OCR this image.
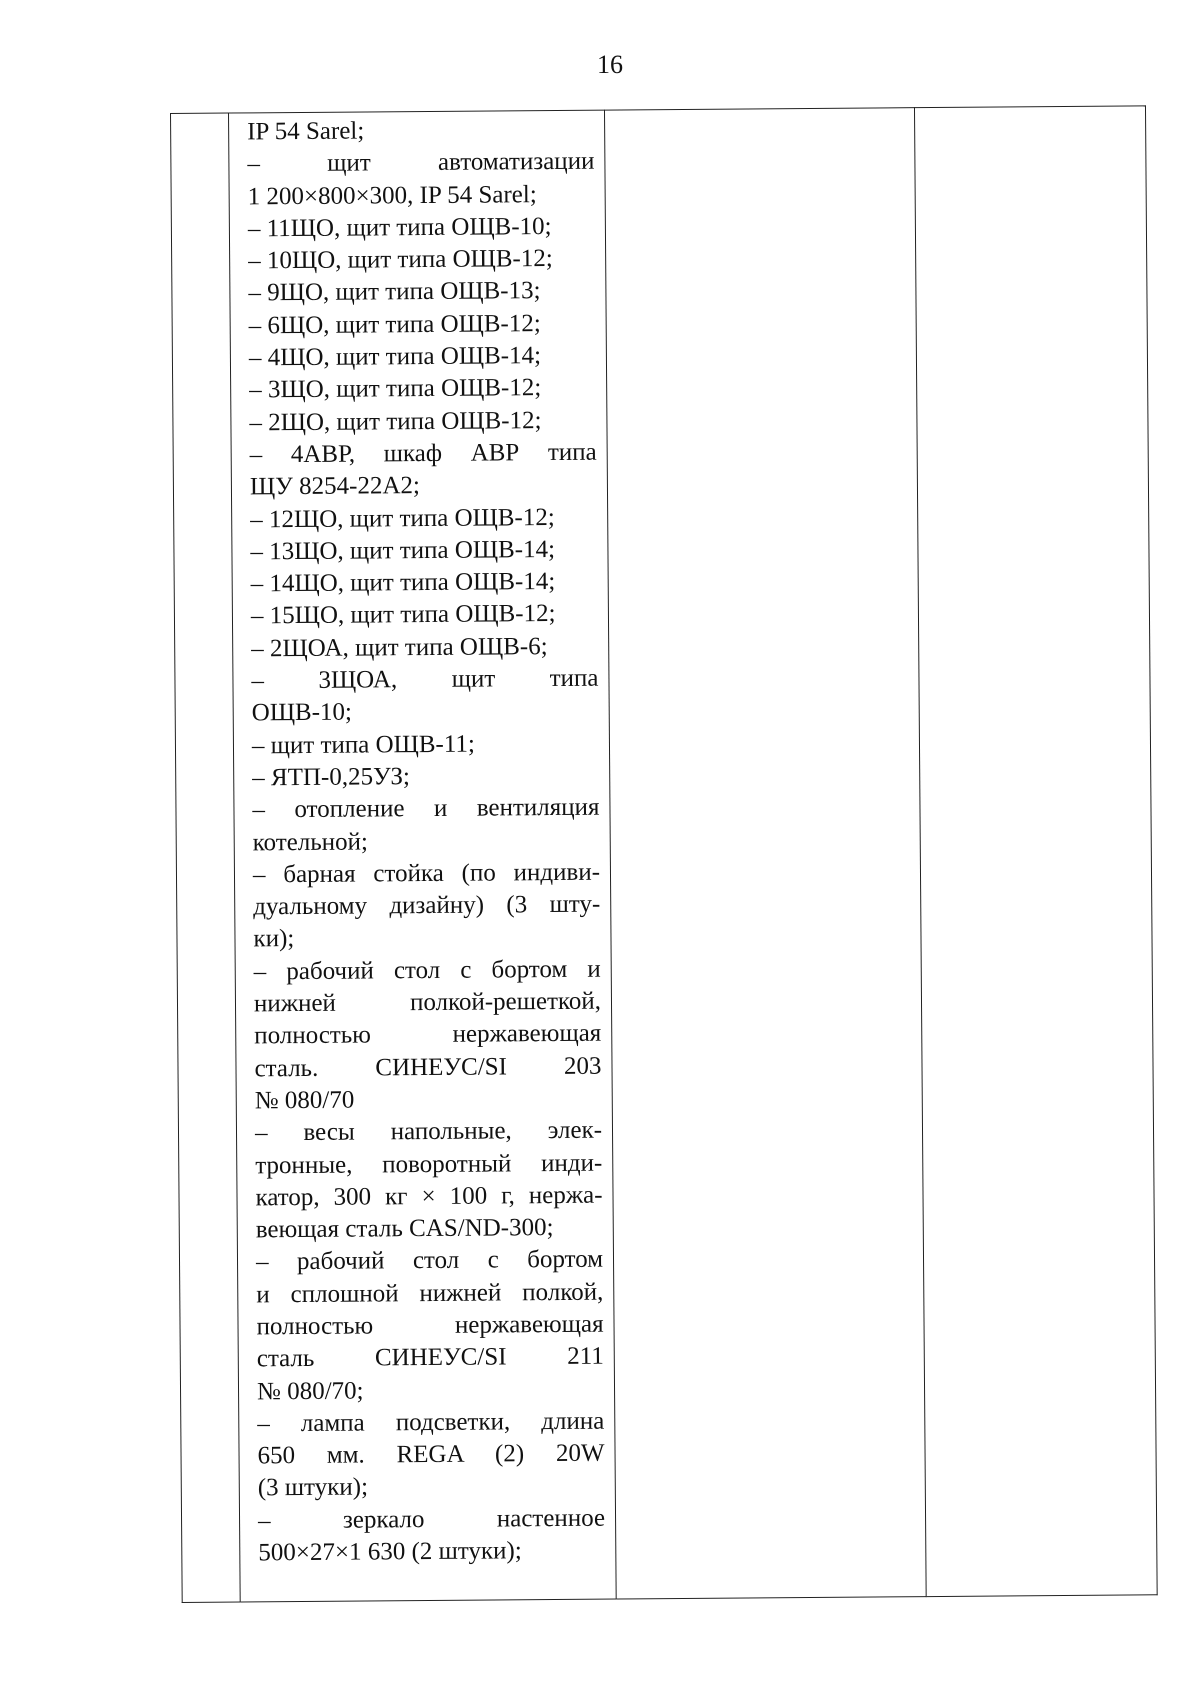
16

IP 54 Sarel;
– щит автоматизации
1 200×800×300, IP 54 Sarel;
– 11ЩО, щит типа ОЩВ-10;
– 10ЩО, щит типа ОЩВ-12;
– 9ЩО, щит типа ОЩВ-13;
– 6ЩО, щит типа ОЩВ-12;
– 4ЩО, щит типа ОЩВ-14;
– 3ЩО, щит типа ОЩВ-12;
– 2ЩО, щит типа ОЩВ-12;
– 4АВР, шкаф АВР типа
ЩУ 8254-22А2;
– 12ЩО, щит типа ОЩВ-12;
– 13ЩО, щит типа ОЩВ-14;
– 14ЩО, щит типа ОЩВ-14;
– 15ЩО, щит типа ОЩВ-12;
– 2ЩОА, щит типа ОЩВ-6;
– 3ЩОА, щит типа
ОЩВ-10;
– щит типа ОЩВ-11;
– ЯТП-0,25УЗ;
– отопление и вентиляция
котельной;
– барная стойка (по индиви-
дуальному дизайну) (3 шту-
ки);
– рабочий стол с бортом и
нижней полкой-решеткой,
полностью нержавеющая
сталь. СИНЕУС/SI 203
№ 080/70
– весы напольные, элек-
тронные, поворотный инди-
катор, 300 кг × 100 г, нержа-
веющая сталь CAS/ND-300;
– рабочий стол с бортом
и сплошной нижней полкой,
полностью нержавеющая
сталь СИНЕУС/SI 211
№ 080/70;
– лампа подсветки, длина
650 мм. REGA (2) 20W
(3 штуки);
– зеркало настенное
500×27×1 630 (2 штуки);
